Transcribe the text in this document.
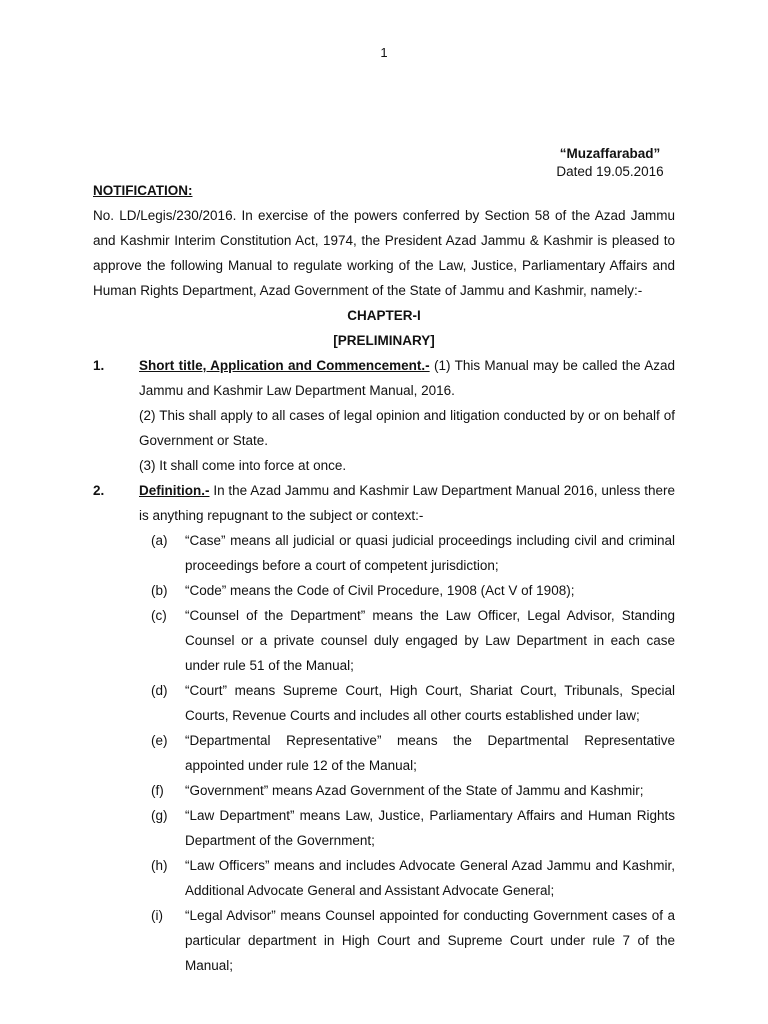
1
“Muzaffarabad”
Dated 19.05.2016
NOTIFICATION:
No. LD/Legis/230/2016. In exercise of the powers conferred by Section 58 of the Azad Jammu and Kashmir Interim Constitution Act, 1974, the President Azad Jammu & Kashmir is pleased to approve the following Manual to regulate working of the Law, Justice, Parliamentary Affairs and Human Rights Department, Azad Government of the State of Jammu and Kashmir, namely:-
CHAPTER-I
[PRELIMINARY]
1.	Short title, Application and Commencement.- (1) This Manual may be called the Azad Jammu and Kashmir Law Department Manual, 2016.
(2) This shall apply to all cases of legal opinion and litigation conducted by or on behalf of Government or State.
(3) It shall come into force at once.
2.	Definition.- In the Azad Jammu and Kashmir Law Department Manual 2016, unless there is anything repugnant to the subject or context:-
(a)	“Case” means all judicial or quasi judicial proceedings including civil and criminal proceedings before a court of competent jurisdiction;
(b)	“Code” means the Code of Civil Procedure, 1908 (Act V of 1908);
(c)	“Counsel of the Department” means the Law Officer, Legal Advisor, Standing Counsel or a private counsel duly engaged by Law Department in each case under rule 51 of the Manual;
(d)	“Court” means Supreme Court, High Court, Shariat Court, Tribunals, Special Courts, Revenue Courts and includes all other courts established under law;
(e)	“Departmental Representative” means the Departmental Representative appointed under rule 12 of the Manual;
(f)	“Government” means Azad Government of the State of Jammu and Kashmir;
(g)	“Law Department” means Law, Justice, Parliamentary Affairs and Human Rights Department of the Government;
(h)	“Law Officers” means and includes Advocate General Azad Jammu and Kashmir, Additional Advocate General and Assistant Advocate General;
(i)	“Legal Advisor” means Counsel appointed for conducting Government cases of a particular department in High Court and Supreme Court under rule 7 of the Manual;
